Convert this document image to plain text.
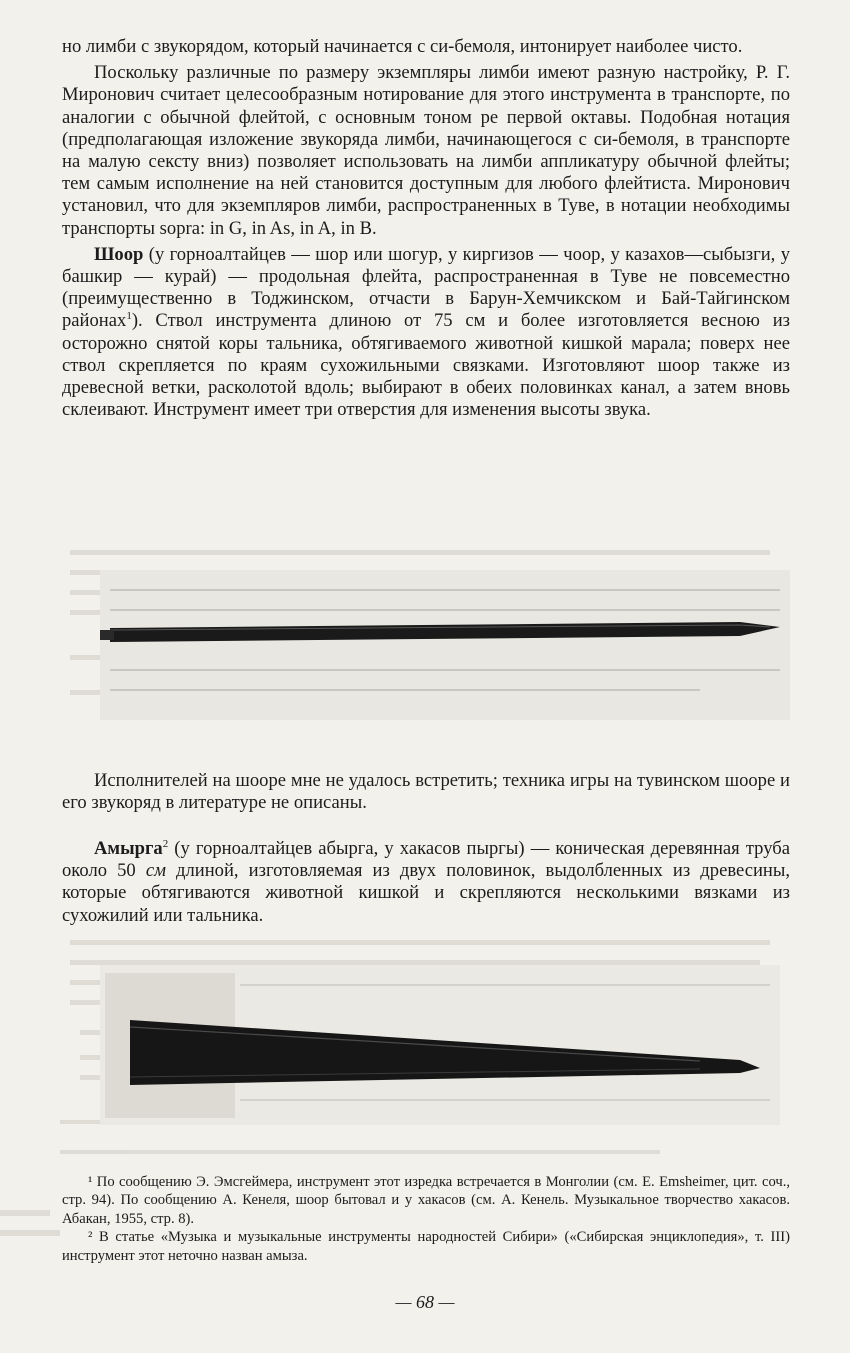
но лимби с звукорядом, который начинается с си-бемоля, интонирует наиболее чисто.

Поскольку различные по размеру экземпляры лимби имеют разную настройку, Р. Г. Миронович считает целесообразным нотирование для этого инструмента в транспорте, по аналогии с обычной флейтой, с основным тоном ре первой октавы. Подобная нотация (предполагающая изложение звукоряда лимби, начинающегося с си-бемоля, в транспорте на малую сексту вниз) позволяет использовать на лимби аппликатуру обычной флейты; тем самым исполнение на ней становится доступным для любого флейтиста. Миронович установил, что для экземпляров лимби, распространенных в Туве, в нотации необходимы транспорты sopra: in G, in As, in A, in B.

Шоор (у горноалтайцев — шор или шогур, у киргизов — чоор, у казахов—сыбызги, у башкир — курай) — продольная флейта, распространенная в Туве не повсеместно (преимущественно в Тоджинском, отчасти в Барун-Хемчикском и Бай-Тайгинском районах$^1$). Ствол инструмента длиною от 75 см и более изготовляется весною из осторожно снятой коры тальника, обтягиваемого животной кишкой марала; поверх нее ствол скрепляется по краям сухожильными связками. Изготовляют шоор также из древесной ветки, расколотой вдоль; выбирают в обеих половинках канал, а затем вновь склеивают. Инструмент имеет три отверстия для изменения высоты звука.

Исполнителей на шооре мне не удалось встретить; техника игры на тувинском шооре и его звукоряд в литературе не описаны.

Амырга$^2$ (у горноалтайцев абырга, у хакасов пыргы) — коническая деревянная труба около 50 см длиной, изготовляемая из двух половинок, выдолбленных из древесины, которые обтягиваются животной кишкой и скрепляются несколькими вязками из сухожилий или тальника.

¹ По сообщению Э. Эмсгеймера, инструмент этот изредка встречается в Монголии (см. E. Emsheimer, цит. соч., стр. 94). По сообщению А. Кенеля, шоор бытовал и у хакасов (см. А. Кенель. Музыкальное творчество хакасов. Абакан, 1955, стр. 8).

² В статье «Музыка и музыкальные инструменты народностей Сибири» («Сибирская энциклопедия», т. III) инструмент этот неточно назван амыза.

— 68 —
